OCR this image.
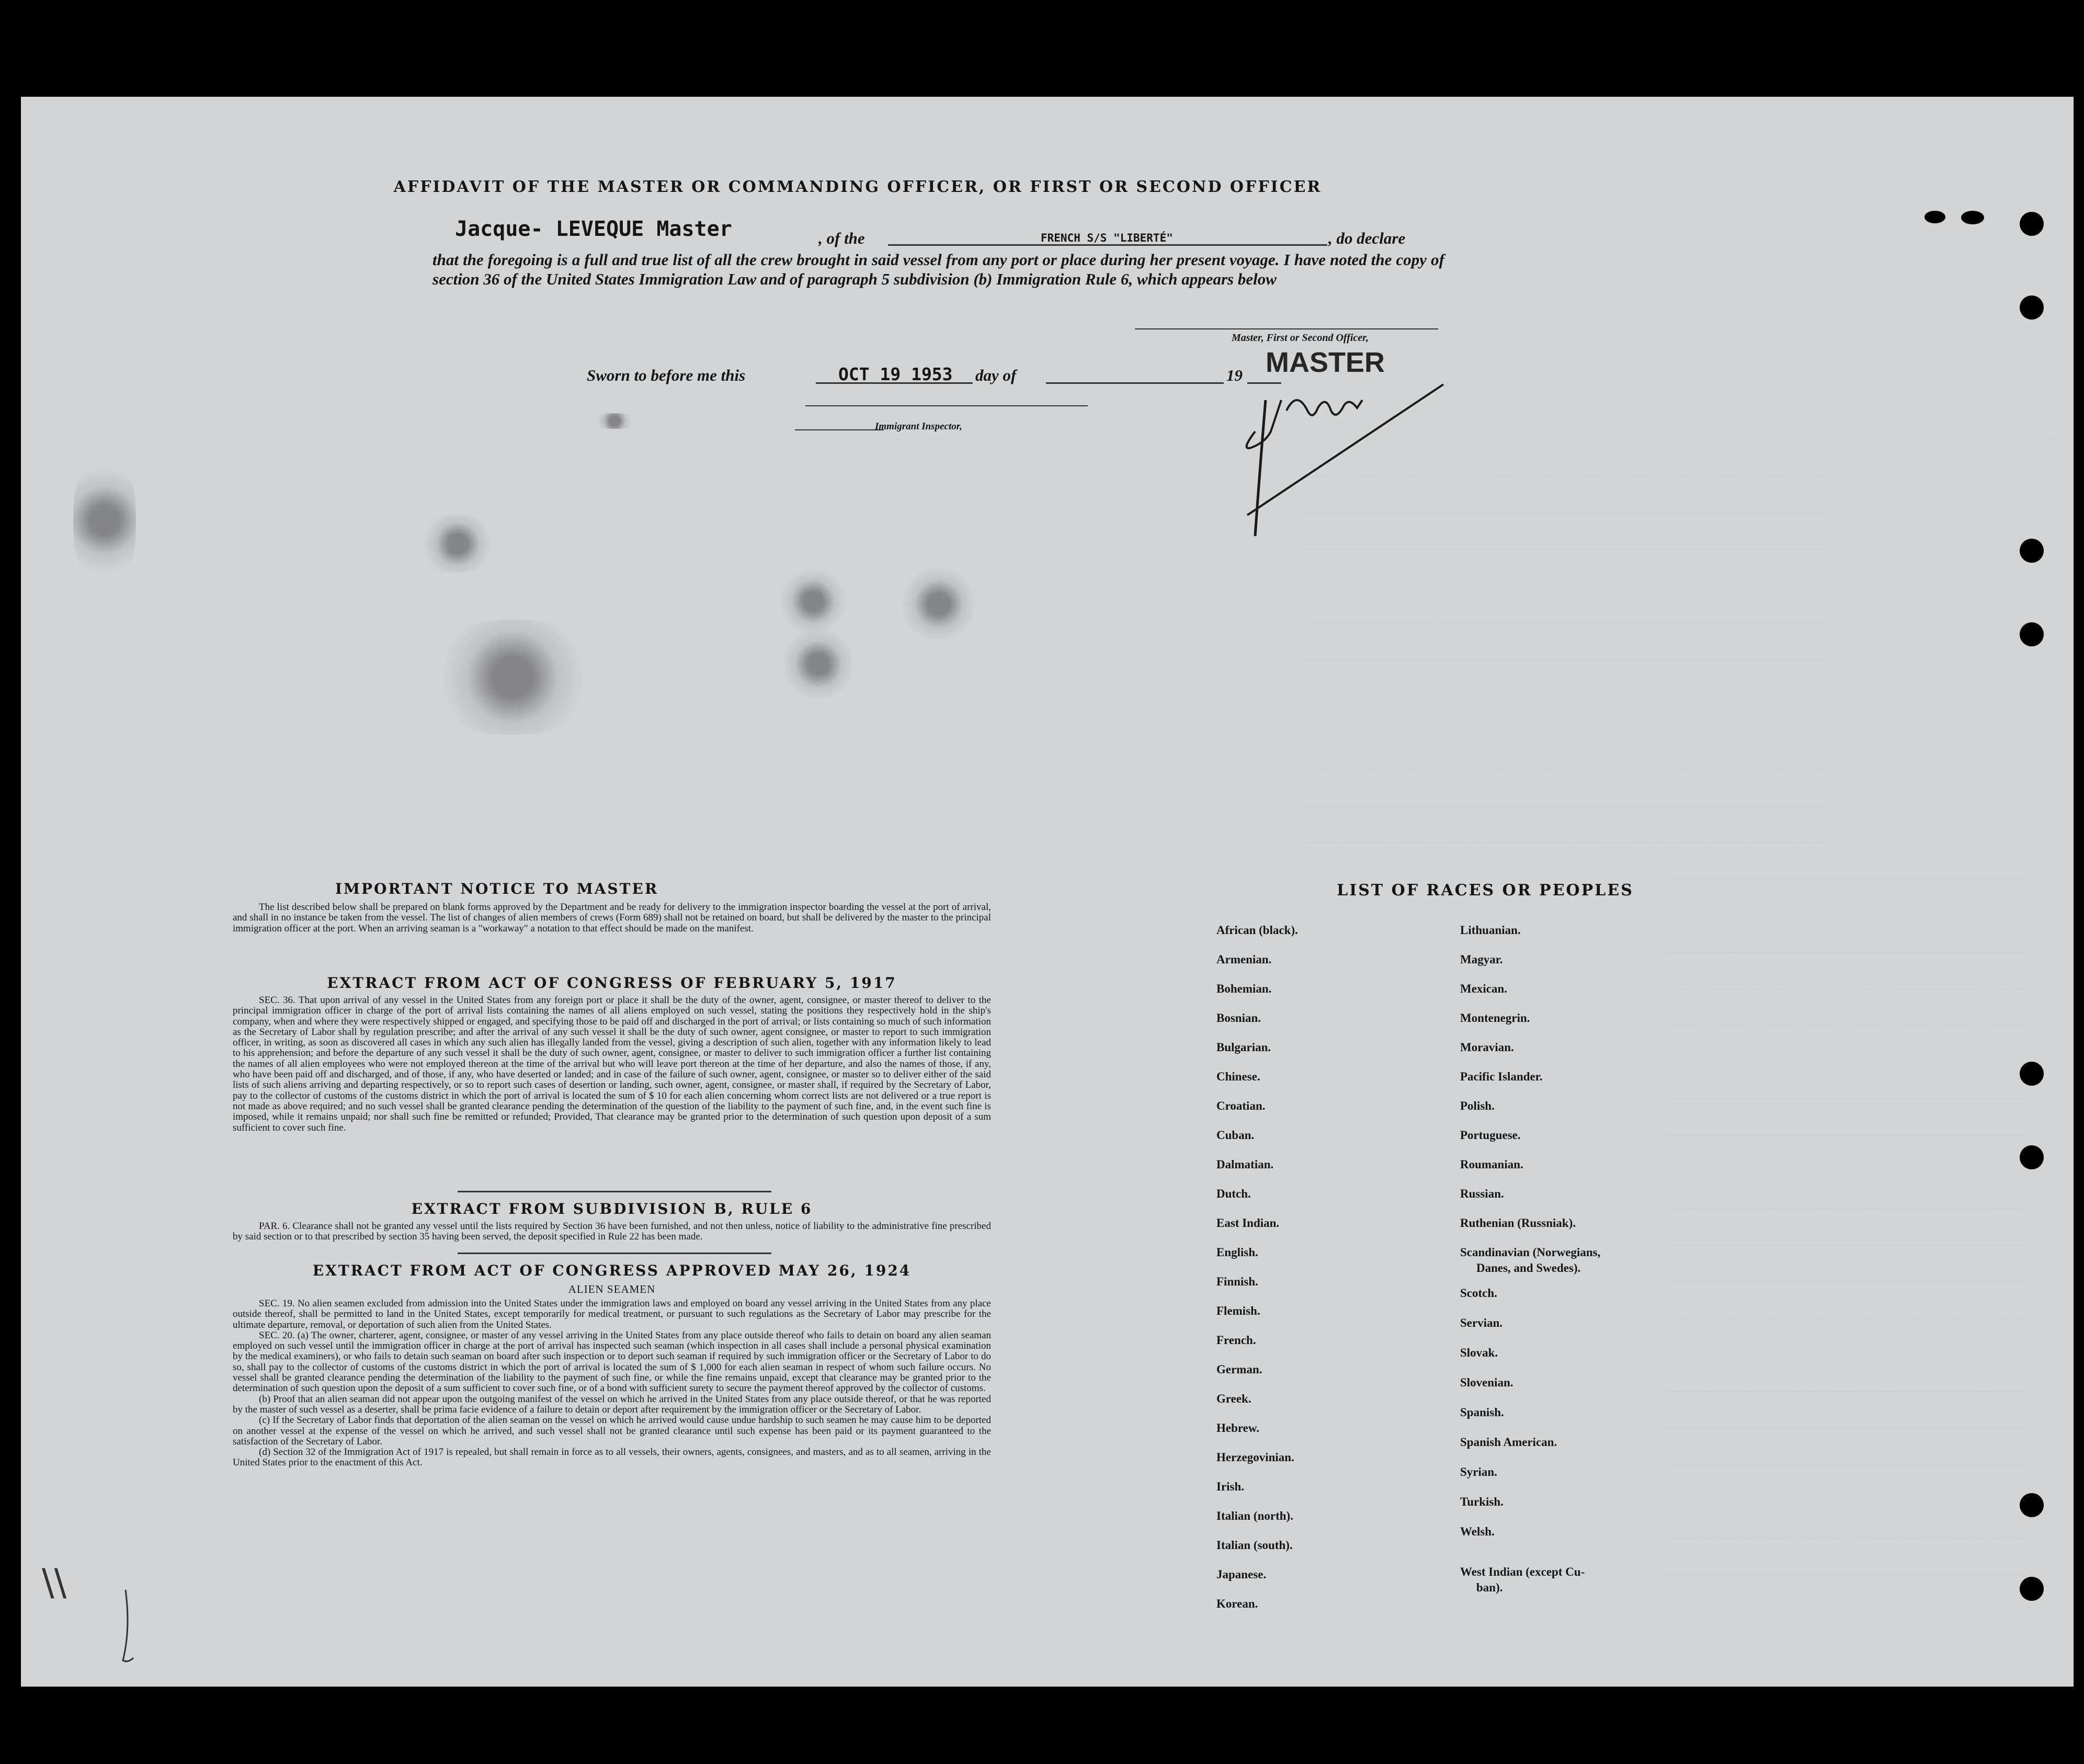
AFFIDAVIT OF THE MASTER OR COMMANDING OFFICER, OR FIRST OR SECOND OFFICER
Jacque- LEVEQUE Master	, of the	FRENCH S/S "LIBERTÉ"	, do declare
that the foregoing is a full and true list of all the crew brought in said vessel from any port or place during her present voyage. I have noted the copy of section 36 of the United States Immigration Law and of paragraph 5 subdivision (b) Immigration Rule 6, which appears below
Master, First or Second Officer,
MASTER
Sworn to before me this	OCT 19 1953 day of	19
Immigrant Inspector,
IMPORTANT NOTICE TO MASTER
The list described below shall be prepared on blank forms approved by the Department and be ready for delivery to the immigration inspector boarding the vessel at the port of arrival, and shall in no instance be taken from the vessel. The list of changes of alien members of crews (Form 689) shall not be retained on board, but shall be delivered by the master to the principal immigration officer at the port. When an arriving seaman is a "workaway" a notation to that effect should be made on the manifest.
EXTRACT FROM ACT OF CONGRESS OF FEBRUARY 5, 1917
SEC. 36. That upon arrival of any vessel in the United States from any foreign port or place it shall be the duty of the owner, agent, consignee, or master thereof to deliver to the principal immigration officer in charge of the port of arrival lists containing the names of all aliens employed on such vessel, stating the positions they respectively hold in the ship's company, when and where they were respectively shipped or engaged, and specifying those to be paid off and discharged in the port of arrival; or lists containing so much of such information as the Secretary of Labor shall by regulation prescribe; and after the arrival of any such vessel it shall be the duty of such owner, agent consignee, or master to report to such immigration officer, in writing, as soon as discovered all cases in which any such alien has illegally landed from the vessel, giving a description of such alien, together with any information likely to lead to his apprehension; and before the departure of any such vessel it shall be the duty of such owner, agent, consignee, or master to deliver to such immigration officer a further list containing the names of all alien employees who were not employed thereon at the time of the arrival but who will leave port thereon at the time of her departure, and also the names of those, if any, who have been paid off and discharged, and of those, if any, who have deserted or landed; and in case of the failure of such owner, agent, consignee, or master so to deliver either of the said lists of such aliens arriving and departing respectively, or so to report such cases of desertion or landing, such owner, agent, consignee, or master shall, if required by the Secretary of Labor, pay to the collector of customs of the customs district in which the port of arrival is located the sum of $ 10 for each alien concerning whom correct lists are not delivered or a true report is not made as above required; and no such vessel shall be granted clearance pending the determination of the question of the liability to the payment of such fine, and, in the event such fine is imposed, while it remains unpaid; nor shall such fine be remitted or refunded; Provided, That clearance may be granted prior to the determination of such question upon deposit of a sum sufficient to cover such fine.
EXTRACT FROM SUBDIVISION B, RULE 6
PAR. 6. Clearance shall not be granted any vessel until the lists required by Section 36 have been furnished, and not then unless, notice of liability to the administrative fine prescribed by said section or to that prescribed by section 35 having been served, the deposit specified in Rule 22 has been made.
EXTRACT FROM ACT OF CONGRESS APPROVED MAY 26, 1924
ALIEN SEAMEN

SEC. 19. No alien seamen excluded from admission into the United States under the immigration laws and employed on board any vessel arriving in the United States from any place outside thereof, shall be permitted to land in the United States, except temporarily for medical treatment, or pursuant to such regulations as the Secretary of Labor may prescribe for the ultimate departure, removal, or deportation of such alien from the United States.

SEC. 20. (a) The owner, charterer, agent, consignee, or master of any vessel arriving in the United States from any place outside thereof who fails to detain on board any alien seaman employed on such vessel until the immigration officer in charge at the port of arrival has inspected such seaman (which inspection in all cases shall include a personal physical examination by the medical examiners), or who fails to detain such seaman on board after such inspection or to deport such seaman if required by such immigration officer or the Secretary of Labor to do so, shall pay to the collector of customs of the customs district in which the port of arrival is located the sum of $ 1,000 for each alien seaman in respect of whom such failure occurs. No vessel shall be granted clearance pending the determination of the liability to the payment of such fine, or while the fine remains unpaid, except that clearance may be granted prior to the determination of such question upon the deposit of a sum sufficient to cover such fine, or of a bond with sufficient surety to secure the payment thereof approved by the collector of customs.

(b) Proof that an alien seaman did not appear upon the outgoing manifest of the vessel on which he arrived in the United States from any place outside thereof, or that he was reported by the master of such vessel as a deserter, shall be prima facie evidence of a failure to detain or deport after requirement by the immigration officer or the Secretary of Labor.

(c) If the Secretary of Labor finds that deportation of the alien seaman on the vessel on which he arrived would cause undue hardship to such seamen he may cause him to be deported on another vessel at the expense of the vessel on which he arrived, and such vessel shall not be granted clearance until such expense has been paid or its payment guaranteed to the satisfaction of the Secretary of Labor.

(d) Section 32 of the Immigration Act of 1917 is repealed, but shall remain in force as to all vessels, their owners, agents, consignees, and masters, and as to all seamen, arriving in the United States prior to the enactment of this Act.

LIST OF RACES OR PEOPLES
African (black).
Armenian.
Bohemian.
Bosnian.
Bulgarian.
Chinese.
Croatian.
Cuban.
Dalmatian.
Dutch.
East Indian.
English.
Finnish.
Flemish.
French.
German.
Greek.
Hebrew.
Herzegovinian.
Irish.
Italian (north).
Italian (south).
Japanese.
Korean.
Lithuanian.
Magyar.
Mexican.
Montenegrin.
Moravian.
Pacific Islander.
Polish.
Portuguese.
Roumanian.
Russian.
Ruthenian (Russniak).
Scandinavian (Norwegians,
Danes, and Swedes).
Scotch.
Servian.
Slovak.
Slovenian.
Spanish.
Spanish American.
Syrian.
Turkish.
Welsh.
West Indian (except Cu-
ban).
\\
